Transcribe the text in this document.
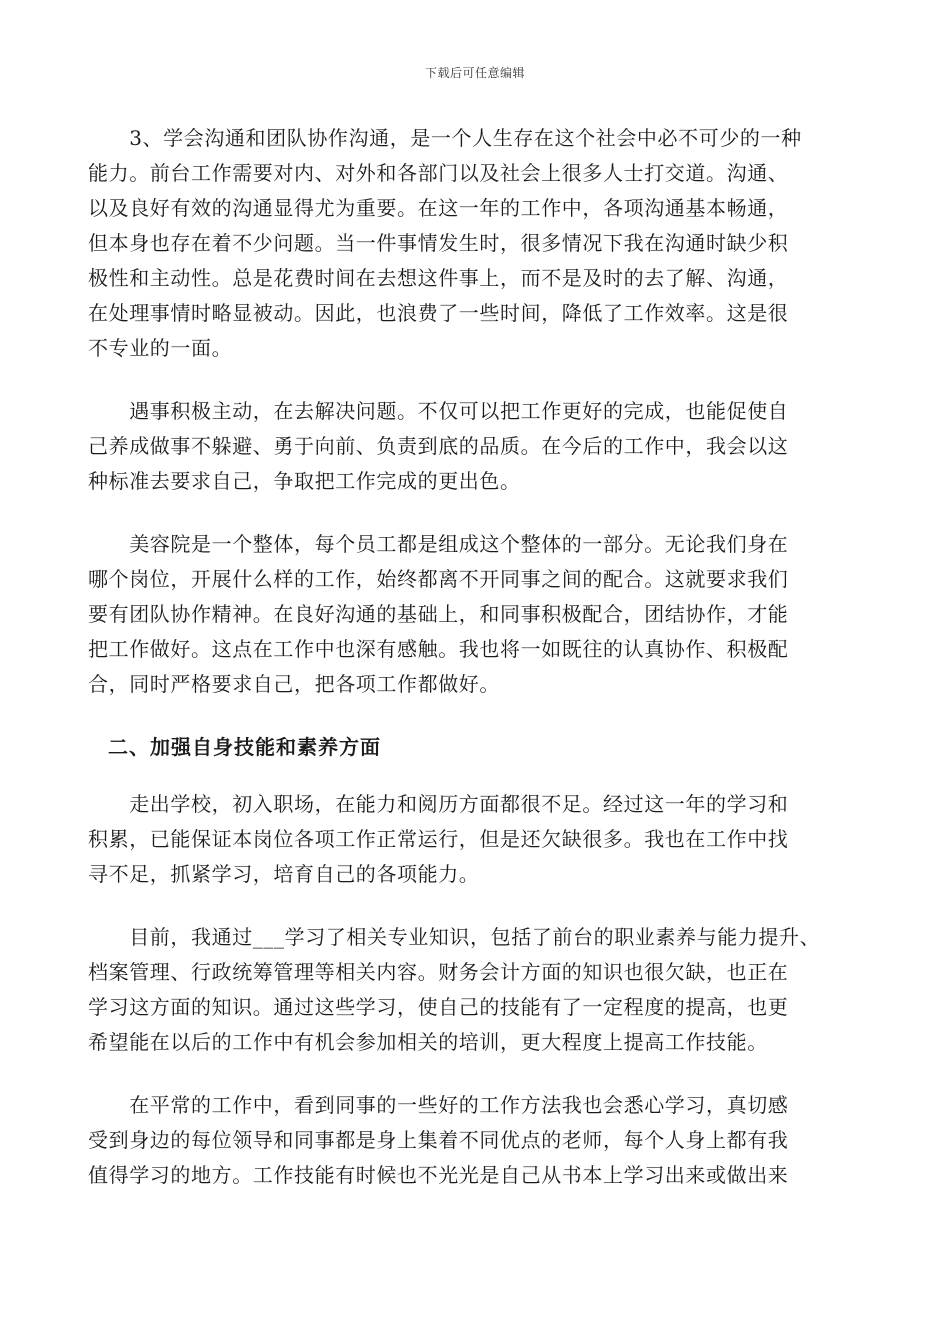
下载后可任意编辑
　　3、学会沟通和团队协作沟通，是一个人生存在这个社会中必不可少的一种
能力。前台工作需要对内、对外和各部门以及社会上很多人士打交道。沟通、
以及良好有效的沟通显得尤为重要。在这一年的工作中，各项沟通基本畅通，
但本身也存在着不少问题。当一件事情发生时，很多情况下我在沟通时缺少积
极性和主动性。总是花费时间在去想这件事上，而不是及时的去了解、沟通，
在处理事情时略显被动。因此，也浪费了一些时间，降低了工作效率。这是很
不专业的一面。
　　遇事积极主动，在去解决问题。不仅可以把工作更好的完成，也能促使自
己养成做事不躲避、勇于向前、负责到底的品质。在今后的工作中，我会以这
种标准去要求自己，争取把工作完成的更出色。
　　美容院是一个整体，每个员工都是组成这个整体的一部分。无论我们身在
哪个岗位，开展什么样的工作，始终都离不开同事之间的配合。这就要求我们
要有团队协作精神。在良好沟通的基础上，和同事积极配合，团结协作，才能
把工作做好。这点在工作中也深有感触。我也将一如既往的认真协作、积极配
合，同时严格要求自己，把各项工作都做好。
二、加强自身技能和素养方面
　　走出学校，初入职场，在能力和阅历方面都很不足。经过这一年的学习和
积累，已能保证本岗位各项工作正常运行，但是还欠缺很多。我也在工作中找
寻不足，抓紧学习，培育自己的各项能力。
　　目前，我通过___学习了相关专业知识，包括了前台的职业素养与能力提升、
档案管理、行政统筹管理等相关内容。财务会计方面的知识也很欠缺，也正在
学习这方面的知识。通过这些学习，使自己的技能有了一定程度的提高，也更
希望能在以后的工作中有机会参加相关的培训，更大程度上提高工作技能。
　　在平常的工作中，看到同事的一些好的工作方法我也会悉心学习，真切感
受到身边的每位领导和同事都是身上集着不同优点的老师，每个人身上都有我
值得学习的地方。工作技能有时候也不光光是自己从书本上学习出来或做出来
